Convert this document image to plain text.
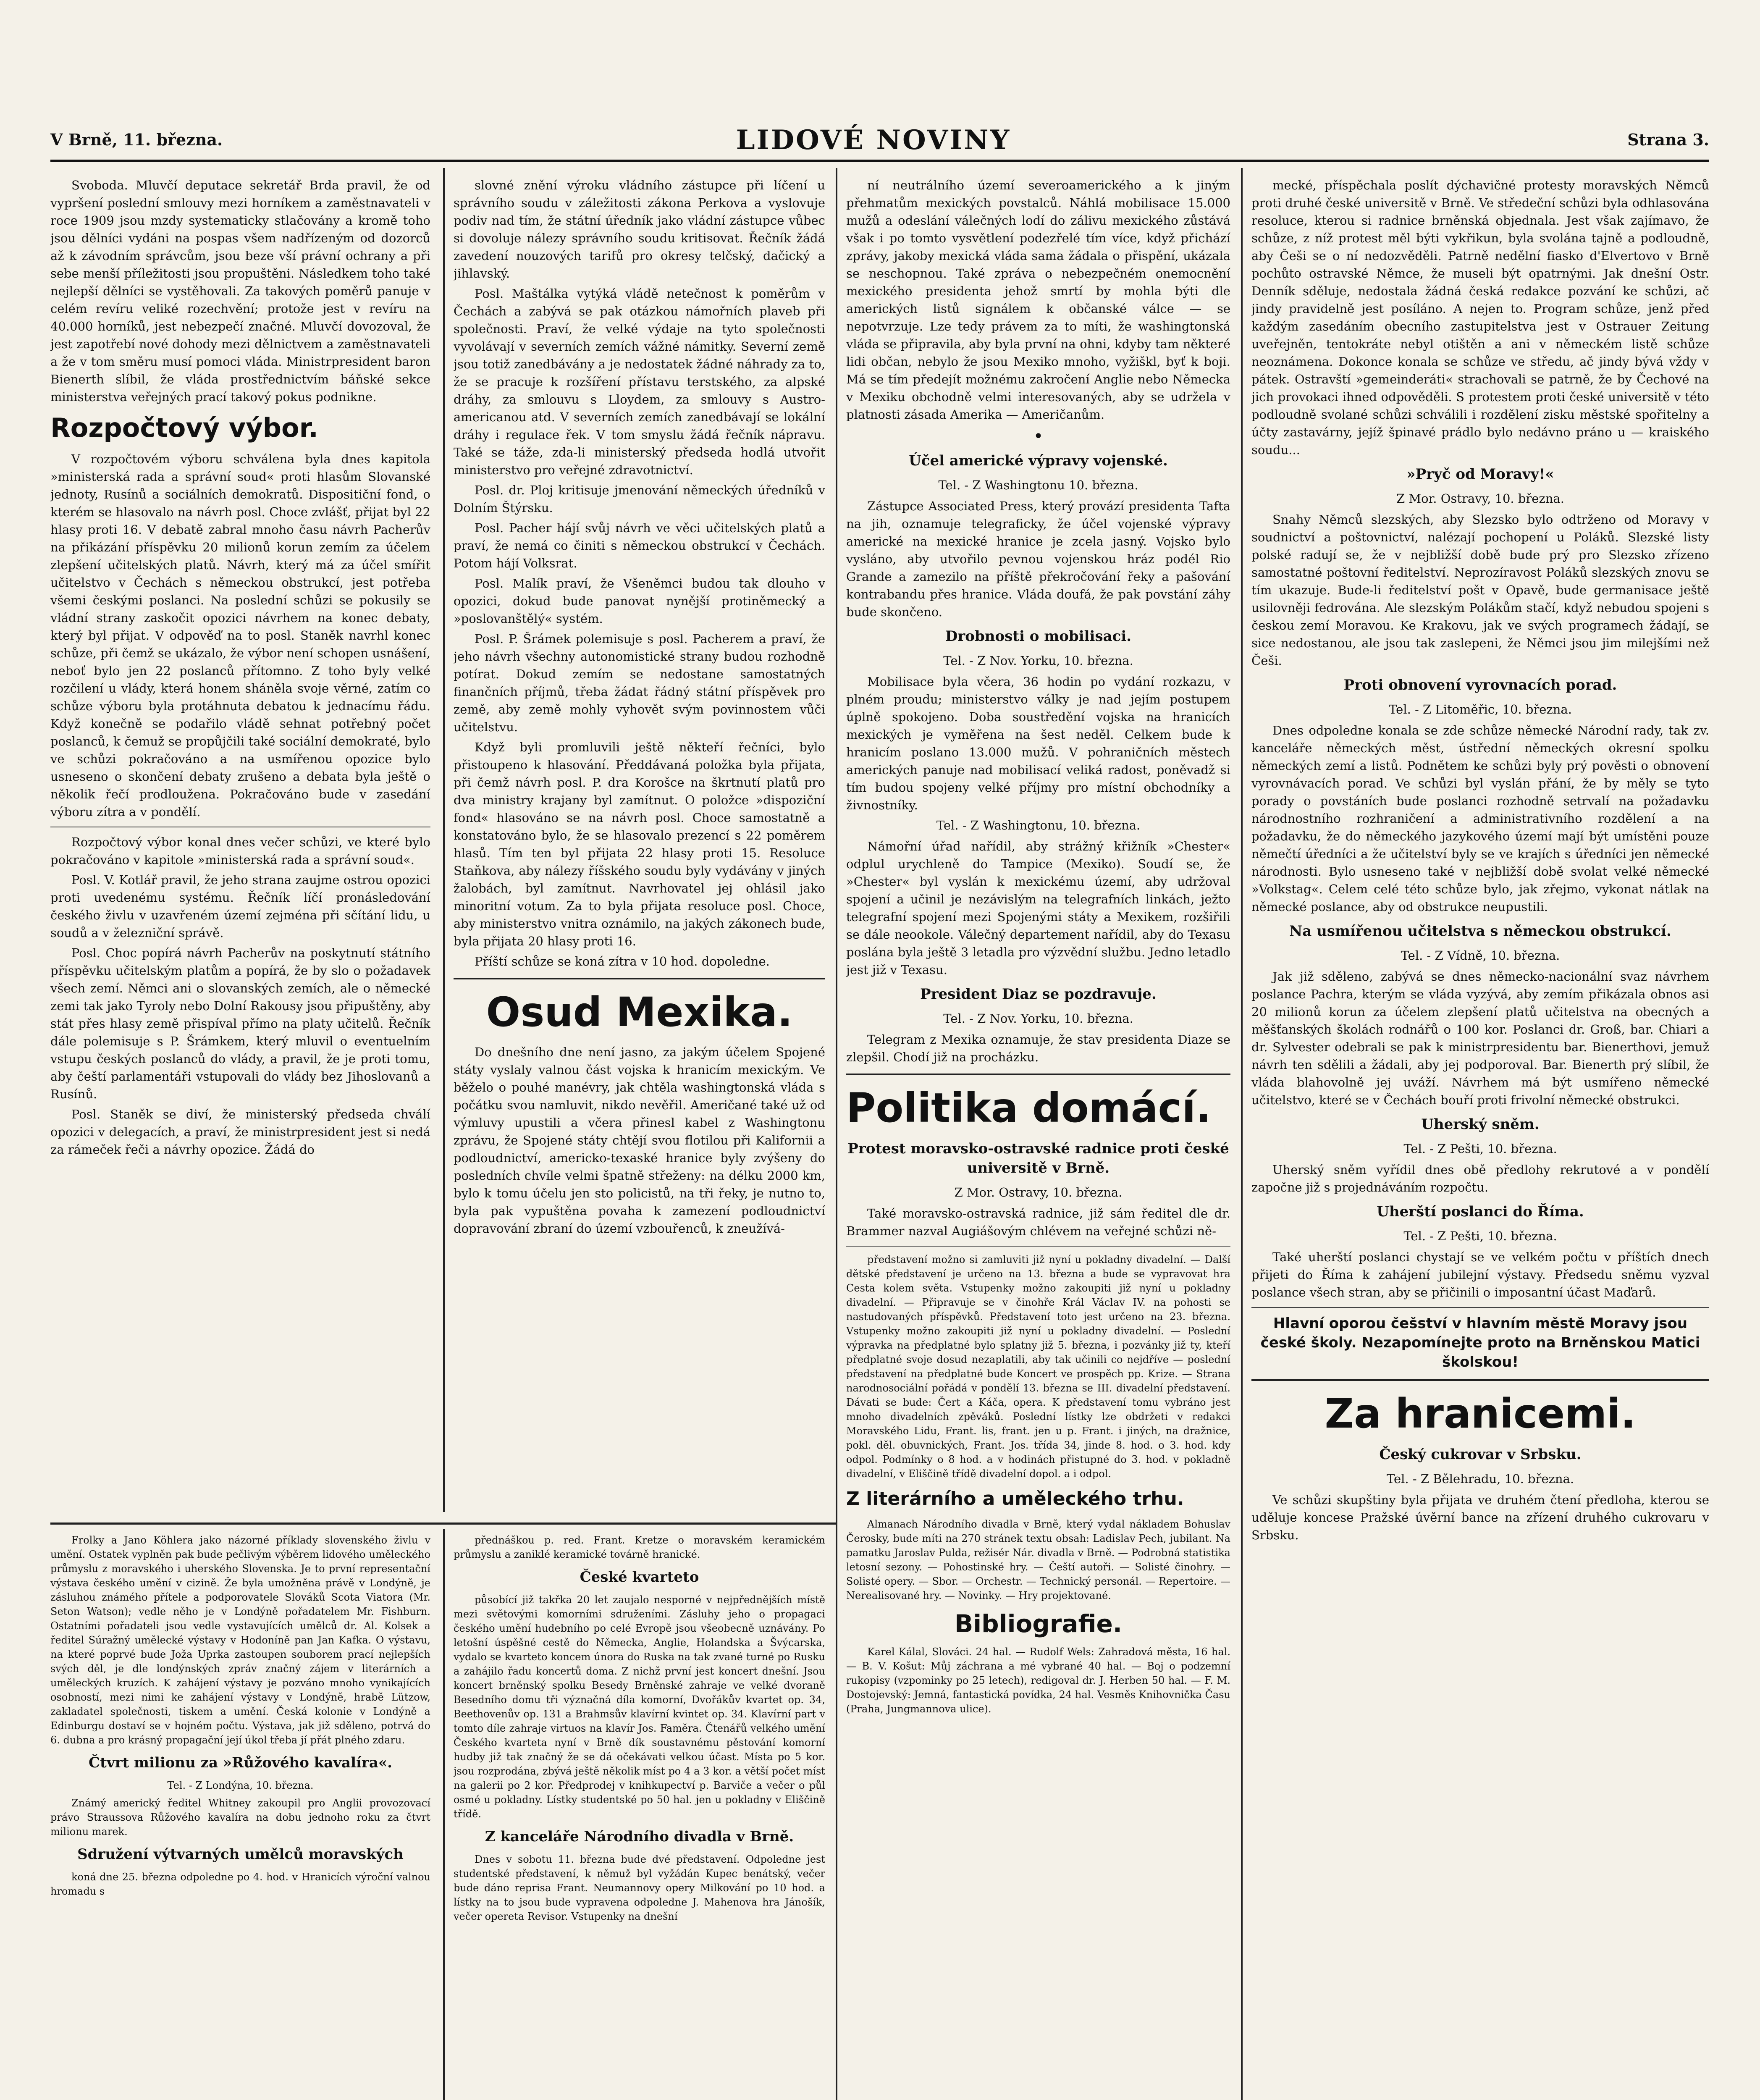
V Brně, 11. března.	LIDOVÉ NOVINY	Strana 3.

Svoboda. Mluvčí deputace sekretář Brda pravil, že od vypršení poslední smlouvy mezi horníkem a zaměstnavateli v roce 1909 jsou mzdy systematicky stlačovány a kromě toho jsou dělníci vydáni na pospas všem nadřízeným od dozorců až k závodním správcům, jsou beze vší právní ochrany a při sebe menší příležitosti jsou propuštěni. Následkem toho také nejlepší dělníci se vystěhovali. Za takových poměrů panuje v celém revíru veliké rozechvění; protože jest v revíru na 40.000 horníků, jest nebezpečí značné. Mluvčí dovozoval, že jest zapotřebí nové dohody mezi dělnictvem a zaměstnavateli a že v tom směru musí pomoci vláda. Ministrpresident baron Bienerth slíbil, že vláda prostřednictvím báňské sekce ministerstva veřejných prací takový pokus podnikne.

Rozpočtový výbor.

V rozpočtovém výboru schválena byla dnes kapitola »ministerská rada a správní soud« proti hlasům Slovanské jednoty, Rusínů a sociálních demokratů. Dispositiční fond, o kterém se hlasovalo na návrh posl. Choce zvlášť, přijat byl 22 hlasy proti 16. V debatě zabral mnoho času návrh Pacherův na přikázání příspěvku 20 milionů korun zemím za účelem zlepšení učitelských platů. Návrh, který má za účel smířit učitelstvo v Čechách s německou obstrukcí, jest potřeba všemi českými poslanci. Na poslední schůzi se pokusily se vládní strany zaskočit opozici návrhem na konec debaty, který byl přijat. V odpověď na to posl. Staněk navrhl konec schůze, při čemž se ukázalo, že výbor není schopen usnášení, neboť bylo jen 22 poslanců přítomno. Z toho byly velké rozčilení u vlády, která honem sháněla svoje věrné, zatím co schůze výboru byla protáhnuta debatou k jednacímu řádu. Když konečně se podařilo vládě sehnat potřebný počet poslanců, k čemuž se propůjčili také sociální demokraté, bylo ve schůzi pokračováno a na usmířenou opozice bylo usneseno o skončení debaty zrušeno a debata byla ještě o několik řečí prodloužena. Pokračováno bude v zasedání výboru zítra a v pondělí.

Rozpočtový výbor konal dnes večer schůzi, ve které bylo pokračováno v kapitole »ministerská rada a správní soud«.

Posl. V. Kotlář pravil, že jeho strana zaujme ostrou opozici proti uvedenému systému. Řečník líčí pronásledování českého živlu v uzavřeném území zejména při sčítání lidu, u soudů a v železniční správě.

Posl. Choc popírá návrh Pacherův na poskytnutí státního příspěvku učitelským platům a popírá, že by slo o požadavek všech zemí. Němci ani o slovanských zemích, ale o německé zemi tak jako Tyroly nebo Dolní Rakousy jsou připuštěny, aby stát přes hlasy země přispíval přímo na platy učitelů. Řečník dále polemisuje s P. Šrámkem, který mluvil o eventuelním vstupu českých poslanců do vlády, a pravil, že je proti tomu, aby čeští parlamentáři vstupovali do vlády bez Jihoslovanů a Rusínů.

Posl. Staněk se diví, že ministerský předseda chválí opozici v delegacích, a praví, že ministrpresident jest si nedá za rámeček řeči a návrhy opozice. Žádá do

slovné znění výroku vládního zástupce při líčení u správního soudu v záležitosti zákona Perkova a vyslovuje podiv nad tím, že státní úředník jako vládní zástupce vůbec si dovoluje nálezy správního soudu kritisovat. Řečník žádá zavedení nouzových tarifů pro okresy telčský, dačický a jihlavský.

Posl. Maštálka vytýká vládě netečnost k poměrům v Čechách a zabývá se pak otázkou námořních plaveb při společnosti. Praví, že velké výdaje na tyto společnosti vyvolávají v severních zemích vážné námitky. Severní země jsou totiž zanedbávány a je nedostatek žádné náhrady za to, že se pracuje k rozšíření přístavu terstského, za alpské dráhy, za smlouvu s Lloydem, za smlouvy s Austro-americanou atd. V severních zemích zanedbávají se lokální dráhy i regulace řek. V tom smyslu žádá řečník nápravu. Také se táže, zda-li ministerský předseda hodlá utvořit ministerstvo pro veřejné zdravotnictví.

Posl. dr. Ploj kritisuje jmenování německých úředníků v Dolním Štýrsku.

Posl. Pacher hájí svůj návrh ve věci učitelských platů a praví, že nemá co činiti s německou obstrukcí v Čechách. Potom hájí Volksrat.

Posl. Malík praví, že Všeněmci budou tak dlouho v opozici, dokud bude panovat nynější protiněmecký a »poslovanštělý« systém.

Posl. P. Šrámek polemisuje s posl. Pacherem a praví, že jeho návrh všechny autonomistické strany budou rozhodně potírat. Dokud zemím se nedostane samostatných finančních příjmů, třeba žádat řádný státní příspěvek pro země, aby země mohly vyhovět svým povinnostem vůči učitelstvu.

Když byli promluvili ještě někteří řečníci, bylo přistoupeno k hlasování. Předdávaná položka byla přijata, při čemž návrh posl. P. dra Korošce na škrtnutí platů pro dva ministry krajany byl zamítnut. O položce »dispoziční fond« hlasováno se na návrh posl. Choce samostatně a konstatováno bylo, že se hlasovalo prezencí s 22 poměrem hlasů. Tím ten byl přijata 22 hlasy proti 15. Resoluce Staňkova, aby nálezy říšského soudu byly vydávány v jiných žalobách, byl zamítnut. Navrhovatel jej ohlásil jako minoritní votum. Za to byla přijata resoluce posl. Choce, aby ministerstvo vnitra oznámilo, na jakých zákonech bude, byla přijata 20 hlasy proti 16.

Příští schůze se koná zítra v 10 hod. dopoledne.

Osud Mexika.

Do dnešního dne není jasno, za jakým účelem Spojené státy vyslaly valnou část vojska k hranicím mexickým. Ve běželo o pouhé manévry, jak chtěla washingtonská vláda s počátku svou namluvit, nikdo nevěřil. Američané také už od výmluvy upustili a včera přinesl kabel z Washingtonu zprávu, že Spojené státy chtějí svou flotilou při Kalifornii a podloudnictví, americko-texaské hranice byly zvýšeny do posledních chvíle velmi špatně střeženy: na délku 2000 km, bylo k tomu účelu jen sto policistů, na tři řeky, je nutno to, byla pak vypuštěna povaha k zamezení podloudnictví dopravování zbraní do území vzbouřenců, k zneužívá-

ní neutrálního území severoamerického a k jiným přehmatům mexických povstalců. Náhlá mobilisace 15.000 mužů a odeslání válečných lodí do zálivu mexického zůstává však i po tomto vysvětlení podezřelé tím více, když přichází zprávy, jakoby mexická vláda sama žádala o přispění, ukázala se neschopnou. Také zpráva o nebezpečném onemocnění mexického presidenta jehož smrtí by mohla býti dle amerických listů signálem k občanské válce — se nepotvrzuje. Lze tedy právem za to míti, že washingtonská vláda se připravila, aby byla první na ohni, kdyby tam některé lidi občan, nebylo že jsou Mexiko mnoho, vyžiškl, byť k boji. Má se tím předejít možnému zakročení Anglie nebo Německa v Mexiku obchodně velmi interesovaných, aby se udržela v platnosti zásada Amerika — Američanům.

•
Účel americké výpravy vojenské.
Tel. - Z Washingtonu 10. března.

Zástupce Associated Press, který provází presidenta Tafta na jih, oznamuje telegraficky, že účel vojenské výpravy americké na mexické hranice je zcela jasný. Vojsko bylo vysláno, aby utvořilo pevnou vojenskou hráz podél Rio Grande a zamezilo na příště překročování řeky a pašování kontrabandu přes hranice. Vláda doufá, že pak povstání záhy bude skončeno.

Drobnosti o mobilisaci.
Tel. - Z Nov. Yorku, 10. března.

Mobilisace byla včera, 36 hodin po vydání rozkazu, v plném proudu; ministerstvo války je nad jejím postupem úplně spokojeno. Doba soustředění vojska na hranicích mexických je vyměřena na šest neděl. Celkem bude k hranicím poslano 13.000 mužů. V pohraničních městech amerických panuje nad mobilisací veliká radost, poněvadž si tím budou spojeny velké příjmy pro místní obchodníky a živnostníky.

Tel. - Z Washingtonu, 10. března.

Námořní úřad nařídil, aby strážný křižník »Chester« odplul urychleně do Tampice (Mexiko). Soudí se, že »Chester« byl vyslán k mexickému území, aby udržoval spojení a učinil je nezávislým na telegrafních linkách, ježto telegrafní spojení mezi Spojenými státy a Mexikem, rozšiřili se dále neookole. Válečný departement nařídil, aby do Texasu poslána byla ještě 3 letadla pro výzvědní službu. Jedno letadlo jest již v Texasu.

President Diaz se pozdravuje.
Tel. - Z Nov. Yorku, 10. března.

Telegram z Mexika oznamuje, že stav presidenta Diaze se zlepšil. Chodí již na procházku.

Politika domácí.
Protest moravsko-ostravské radnice proti české universitě v Brně.
Z Mor. Ostravy, 10. března.

Také moravsko-ostravská radnice, již sám ředitel dle dr. Brammer nazval Augiášovým chlévem na veřejné schůzi ně-

představení možno si zamluviti již nyní u pokladny divadelní. — Další dětské představení je určeno na 13. března a bude se vypravovat hra Cesta kolem světa. Vstupenky možno zakoupiti již nyní u pokladny divadelní. — Připravuje se v činohře Král Václav IV. na pohosti se nastudovaných příspěvků. Představení toto jest určeno na 23. března. Vstupenky možno zakoupiti již nyní u pokladny divadelní. — Poslední výpravka na předplatné bylo splatny již 5. března, i pozvánky již ty, kteří předplatné svoje dosud nezaplatili, aby tak učinili co nejdříve — poslední představení na předplatné bude Koncert ve prospěch pp. Krize. — Strana narodnosociální pořádá v pondělí 13. března se III. divadelní představení. Dávati se bude: Čert a Káča, opera. K představení tomu vybráno jest mnoho divadelních zpěváků. Poslední lístky lze obdržeti v redakci Moravského Lidu, Frant. lis, frant. jen u p. Frant. i jiných, na dražnice, pokl. děl. obuvnických, Frant. Jos. třída 34, jinde 8. hod. o 3. hod. kdy odpol. Podmínky o 8 hod. a v hodinách přistupné do 3. hod. v pokladně divadelní, v Eliščině třídě divadelní dopol. a i odpol.

Z literárního a uměleckého trhu.

Almanach Národního divadla v Brně, který vydal nákladem Bohuslav Čerosky, bude míti na 270 stránek textu obsah: Ladislav Pech, jubilant. Na pamatku Jaroslav Pulda, režisér Nár. divadla v Brně. — Podrobná statistika letosní sezony. — Pohostinské hry. — Čeští autoři. — Solisté činohry. — Solisté opery. — Sbor. — Orchestr. — Technický personál. — Repertoire. — Nerealisované hry. — Novinky. — Hry projektované.

Bibliografie.

Karel Kálal, Slováci. 24 hal. — Rudolf Wels: Zahradová města, 16 hal. — B. V. Košut: Můj záchrana a mé vybrané 40 hal. — Boj o podzemní rukopisy (vzpominky po 25 letech), redigoval dr. J. Herben 50 hal. — F. M. Dostojevský: Jemná, fantastická povídka, 24 hal. Vesměs Knihovnička Času (Praha, Jungmannova ulice).

mecké, příspěchala poslít dýchavičné protesty moravských Němců proti druhé české universitě v Brně. Ve středeční schůzi byla odhlasována resoluce, kterou si radnice brněnská objednala. Jest však zajímavo, že schůze, z níž protest měl býti vykřikun, byla svolána tajně a podloudně, aby Češi se o ní nedozvěděli. Patrně nedělní fiasko d'Elvertovo v Brně pochůto ostravské Němce, že museli být opatrnými. Jak dnešní Ostr. Denník sděluje, nedostala žádná česká redakce pozvání ke schůzi, ač jindy pravidelně jest posíláno. A nejen to. Program schůze, jenž před každým zasedáním obecního zastupitelstva jest v Ostrauer Zeitung uveřejněn, tentokráte nebyl otištěn a ani v německém listě schůze neoznámena. Dokonce konala se schůze ve středu, ač jindy bývá vždy v pátek. Ostravští »gemeinderáti« strachovali se patrně, že by Čechové na jich provokaci ihned odpověděli. S protestem proti české universitě v této podloudně svolané schůzi schválili i rozdělení zisku městské spořitelny a účty zastavárny, jejíž špinavé prádlo bylo nedávno práno u — kraiského soudu...

»Pryč od Moravy!«
Z Mor. Ostravy, 10. března.

Snahy Němců slezských, aby Slezsko bylo odtrženo od Moravy v soudnictví a poštovnictví, nalézají pochopení u Poláků. Slezské listy polské radují se, že v nejbližší době bude prý pro Slezsko zřízeno samostatné poštovní ředitelství. Neprozíravost Poláků slezských znovu se tím ukazuje. Bude-li ředitelství pošt v Opavě, bude germanisace ještě usilovněji fedrována. Ale slezským Polákům stačí, když nebudou spojeni s českou zemí Moravou. Ke Krakovu, jak ve svých programech žádají, se sice nedostanou, ale jsou tak zaslepeni, že Němci jsou jim milejšími než Češi.

Proti obnovení vyrovnacích porad.
Tel. - Z Litoměřic, 10. března.

Dnes odpoledne konala se zde schůze německé Národní rady, tak zv. kanceláře německých měst, ústřední německých okresní spolku německých zemí a listů. Podnětem ke schůzi byly prý pověsti o obnovení vyrovnávacích porad. Ve schůzi byl vyslán přání, že by měly se tyto porady o povstáních bude poslanci rozhodně setrvalí na požadavku národnostního rozhraničení a administrativního rozdělení a na požadavku, že do německého jazykového území mají být umístěni pouze němečtí úředníci a že učitelství byly se ve krajích s úředníci jen německé národnosti. Bylo usneseno také v nejbližší době svolat velké německé »Volkstag«. Celem celé této schůze bylo, jak zřejmo, vykonat nátlak na německé poslance, aby od obstrukce neupustili.

Na usmířenou učitelstva s německou obstrukcí.
Tel. - Z Vídně, 10. března.

Jak již sděleno, zabývá se dnes německo-nacionální svaz návrhem poslance Pachra, kterým se vláda vyzývá, aby zemím přikázala obnos asi 20 milionů korun za účelem zlepšení platů učitelstva na obecných a měšťanských školách rodnářů o 100 kor. Poslanci dr. Groß, bar. Chiari a dr. Sylvester odebrali se pak k ministrpresidentu bar. Bienerthovi, jemuž návrh ten sdělili a žádali, aby jej podporoval. Bar. Bienerth prý slíbil, že vláda blahovolně jej uváží. Návrhem má být usmířeno německé učitelstvo, které se v Čechách bouří proti frivolní německé obstrukci.

Uherský sněm.
Tel. - Z Pešti, 10. března.

Uherský sněm vyřídil dnes obě předlohy rekrutové a v pondělí započne již s projednáváním rozpočtu.

Uherští poslanci do Říma.
Tel. - Z Pešti, 10. března.

Také uherští poslanci chystají se ve velkém počtu v příštích dnech přijeti do Říma k zahájení jubilejní výstavy. Předsedu sněmu vyzval poslance všech stran, aby se přičinili o imposantní účast Maďarů.

Hlavní oporou češství v hlavním městě Moravy jsou české školy. Nezapomínejte proto na Brněnskou Matici školskou!
Za hranicemi.
Český cukrovar v Srbsku.
Tel. - Z Bělehradu, 10. března.

Ve schůzi skupštiny byla přijata ve druhém čtení předloha, kterou se uděluje koncese Pražské úvěrní bance na zřízení druhého cukrovaru v Srbsku.

Frolky a Jano Köhlera jako názorné příklady slovenského živlu v umění. Ostatek vyplněn pak bude pečlivým výběrem lidového uměleckého průmyslu z moravského i uherského Slovenska. Je to první representační výstava českého umění v cizině. Že byla umožněna právě v Londýně, je zásluhou známého přítele a podporovatele Slováků Scota Viatora (Mr. Seton Watson); vedle něho je v Londýně pořadatelem Mr. Fishburn. Ostatními pořadateli jsou vedle vystavujících umělců dr. Al. Kolsek a ředitel Súražný umělecké výstavy v Hodoníně pan Jan Kafka. O výstavu, na které poprvé bude Joža Uprka zastoupen souborem prací nejlepších svých děl, je dle londýnských zpráv značný zájem v literárních a uměleckých kruzích. K zahájení výstavy je pozváno mnoho vynikajících osobností, mezi nimi ke zahájení výstavy v Londýně, hrabě Lützow, zakladatel společnosti, tiskem a umění. Česká kolonie v Londýně a Edinburgu dostaví se v hojném počtu. Výstava, jak již sděleno, potrvá do 6. dubna a pro krásný propagační její úkol třeba jí přát plného zdaru.

Čtvrt milionu za »Růžového kavalíra«.
Tel. - Z Londýna, 10. března.

Známý americký ředitel Whitney zakoupil pro Anglii provozovací právo Straussova Růžového kavalíra na dobu jednoho roku za čtvrt milionu marek.

Sdružení výtvarných umělců moravských

koná dne 25. března odpoledne po 4. hod. v Hranicích výroční valnou hromadu s

přednáškou p. red. Frant. Kretze o moravském keramickém průmyslu a zaniklé keramické továrně hranické.

České kvarteto

působící již takřka 20 let zaujalo nesporné v nejpřednějších místě mezi světovými komorními sdruženími. Zásluhy jeho o propagaci českého umění hudebního po celé Evropě jsou všeobecně uznávány. Po letošní úspěšné cestě do Německa, Anglie, Holandska a Švýcarska, vydalo se kvarteto koncem února do Ruska na tak zvané turné po Rusku a zahájilo řadu koncertů doma. Z nichž první jest koncert dnešní. Jsou koncert brněnský spolku Besedy Brněnské zahraje ve velké dvoraně Besedního domu tři význačná díla komorní, Dvořákův kvartet op. 34, Beethovenův op. 131 a Brahmsův klavírní kvintet op. 34. Klavírní part v tomto díle zahraje virtuos na klavír Jos. Faměra. Čtenářů velkého umění Českého kvarteta nyní v Brně dík soustavnému pěstování komorní hudby již tak značný že se dá očekávati velkou účast. Místa po 5 kor. jsou rozprodána, zbývá ještě několik míst po 4 a 3 kor. a větší počet míst na galerii po 2 kor. Předprodej v knihkupectví p. Barviče a večer o půl osmé u pokladny. Lístky studentské po 50 hal. jen u pokladny v Eliščině třídě.

Z kanceláře Národního divadla v Brně.

Dnes v sobotu 11. března bude dvé představení. Odpoledne jest studentské představení, k němuž byl vyžádán Kupec benátský, večer bude dáno reprisa Frant. Neumannovy opery Milkování po 10 hod. a lístky na to jsou bude vypravena odpoledne J. Mahenova hra Jánošík, večer opereta Revisor. Vstupenky na dnešní
